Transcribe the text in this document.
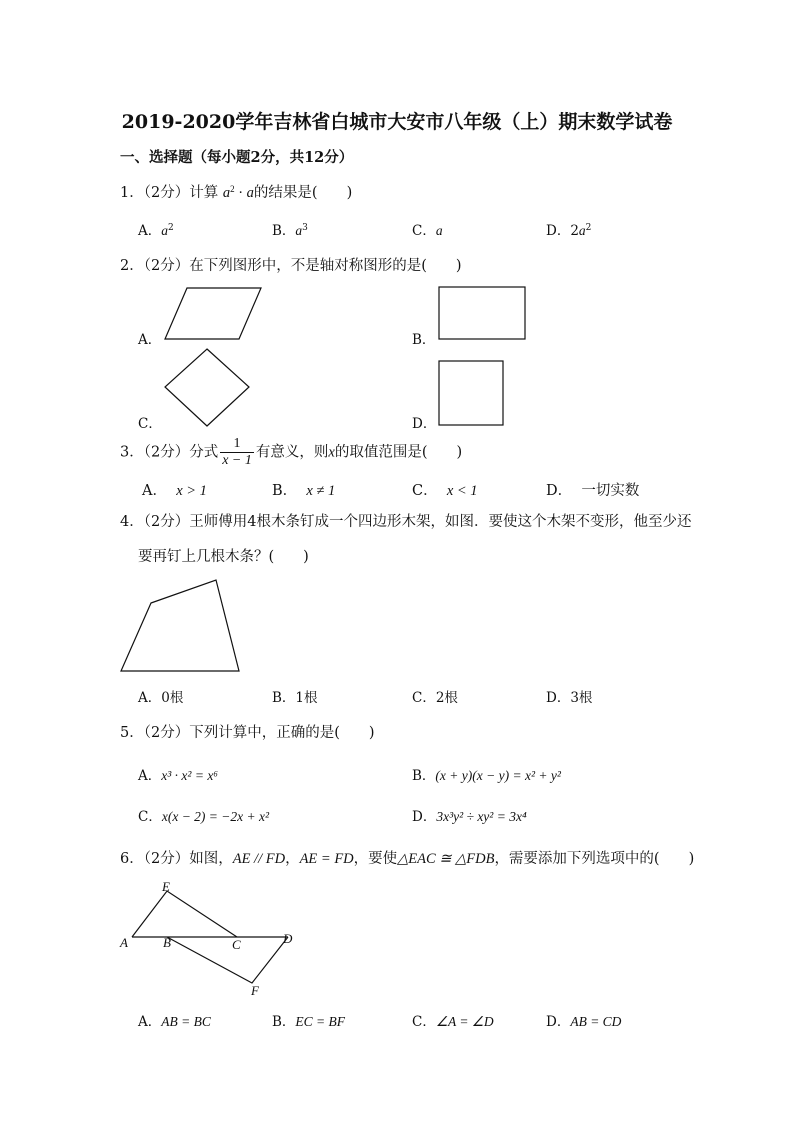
2019-2020学年吉林省白城市大安市八年级（上）期末数学试卷
一、选择题（每小题2分，共12分）
1．（2分）计算 $a^2 \cdot a$的结果是(　　)
A．$a^2$	B．$a^3$	C．a	D．$2a^2$
2．（2分）在下列图形中，不是轴对称图形的是(　　)
A．	B．
C．	D．
3．（2分）分式 $\frac{1}{x - 1}$ 有意义，则x的取值范围是(　　)
A． x > 1	B． x ≠ 1	C． x < 1	D． 一切实数
4．（2分）王师傅用4根木条钉成一个四边形木架，如图．要使这个木架不变形，他至少还
要再钉上几根木条？(　　)
A．0根	B．1根	C．2根	D．3根
5．（2分）下列计算中，正确的是(　　)
A．x³ · x² = x⁶	B．(x + y)(x − y) = x² + y²
C．x(x − 2) = −2x + x²	D．3x³y² ÷ xy² = 3x⁴
6．（2分）如图，AE // FD，AE = FD，要使△EAC ≅ △FDB，需要添加下列选项中的(　　)
E
A	B	C	D
F
A．AB = BC	B．EC = BF	C．∠A = ∠D	D．AB = CD
